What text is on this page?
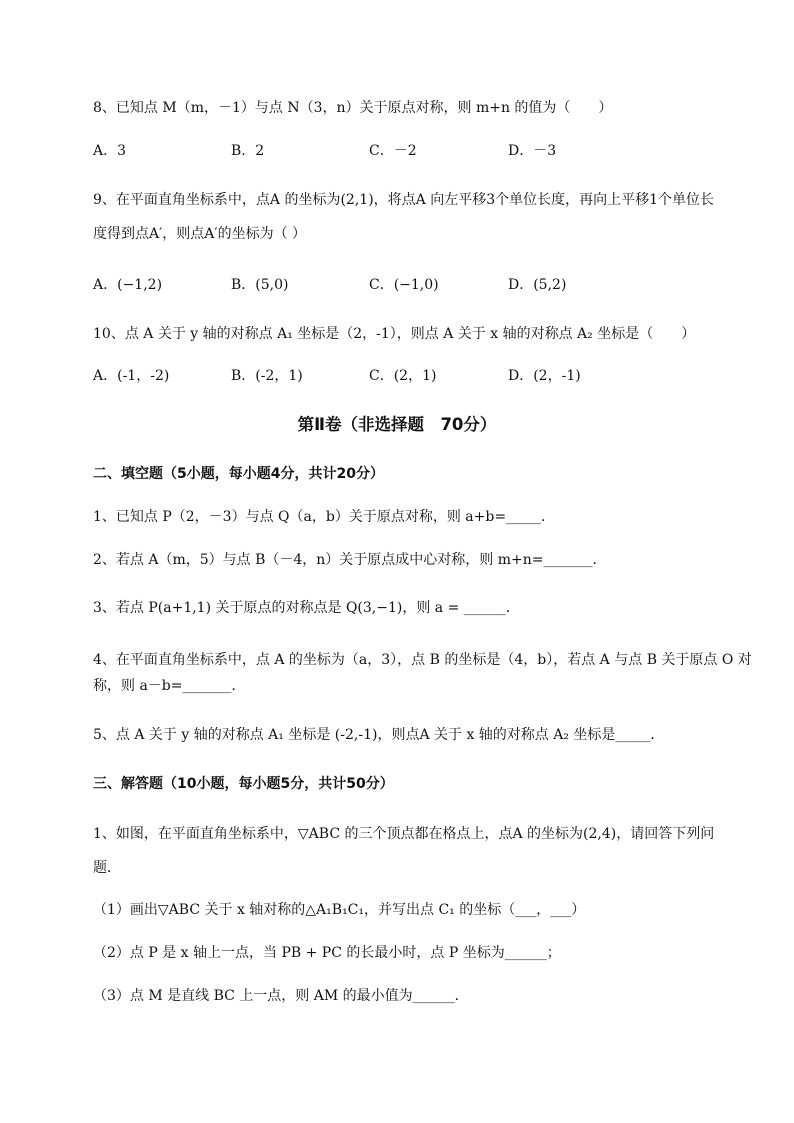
8、已知点 M（m，－1）与点 N（3，n）关于原点对称，则 m+n 的值为（　　）
A．3	B．2	C．－2	D．－3
9、在平面直角坐标系中，点A 的坐标为(2,1)，将点A 向左平移3个单位长度，再向上平移1个单位长
度得到点A′，则点A′的坐标为（ ）
A．(−1,2)	B．(5,0)	C．(−1,0)	D．(5,2)
10、点 A 关于 y 轴的对称点 A₁ 坐标是（2，-1），则点 A 关于 x 轴的对称点 A₂ 坐标是（　　）
A．(-1，-2)	B．(-2，1)	C．(2，1)	D．(2，-1)
第Ⅱ卷（非选择题　70分）
二、填空题（5小题，每小题4分，共计20分）
1、已知点 P（2，－3）与点 Q（a，b）关于原点对称，则 a+b=_____．
2、若点 A（m，5）与点 B（－4，n）关于原点成中心对称，则 m+n=_______．
3、若点 P(a+1,1) 关于原点的对称点是 Q(3,−1)，则 a = ______．
4、在平面直角坐标系中，点 A 的坐标为（a，3），点 B 的坐标是（4，b），若点 A 与点 B 关于原点 O 对
称，则 a－b=_______．
5、点 A 关于 y 轴的对称点 A₁ 坐标是 (-2,-1)，则点A 关于 x 轴的对称点 A₂ 坐标是_____．
三、解答题（10小题，每小题5分，共计50分）
1、如图，在平面直角坐标系中，▽ABC 的三个顶点都在格点上，点A 的坐标为(2,4)，请回答下列问
题．
（1）画出▽ABC 关于 x 轴对称的△A₁B₁C₁，并写出点 C₁ 的坐标（___，___）
（2）点 P 是 x 轴上一点，当 PB + PC 的长最小时，点 P 坐标为______；
（3）点 M 是直线 BC 上一点，则 AM 的最小值为______．
